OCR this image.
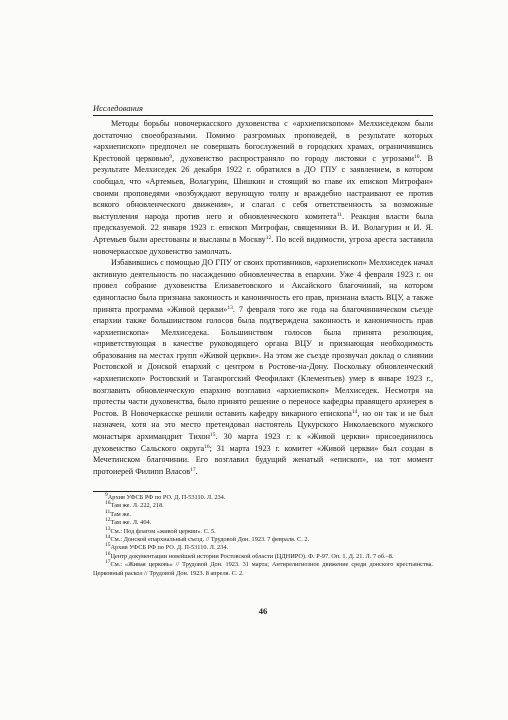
Исследования

Методы борьбы новочеркасского духовенства с «архиепископом» Мелхиседеком были достаточно своеобразными. Помимо разгромных проповедей, в результате которых «архиепископ» предпочел не совершать богослужений в городских храмах, ограничившись Крестовой церковью$^9$, духовенство распространяло по городу листовки с угрозами$^{10}$. В результате Мелхиседек 26 декабря 1922 г. обратился в ДО ГПУ с заявлением, в котором сообщал, что «Артемьев, Волагурин, Шишкин и стоящий во главе их епископ Митрофан» своими проповедями «возбуждают верующую толпу и враждебно настраивают ее против всякого обновленческого движения», и слагал с себя ответственность за возможные выступления народа против него и обновленческого комитета$^{11}$. Реакция власти была предсказуемой. 22 января 1923 г. епископ Митрофан, священники В. И. Волагурин и И. Я. Артемьев были арестованы и высланы в Москву$^{12}$. По всей видимости, угроза ареста заставила новочеркасское духовенство замолчать.

Избавившись с помощью ДО ГПУ от своих противников, «архиепископ» Мелхиседек начал активную деятельность по насаждению обновленчества в епархии. Уже 4 февраля 1923 г. он провел собрание духовенства Елизаветовского и Аксайского благочиний, на котором единогласно была признана законность и каноничность его прав, признана власть ВЦУ, а также принята программа «Живой церкви»$^{13}$. 7 февраля того же года на благочинническом съезде епархии также большинством голосов была подтверждена законность и каноничность прав «архиепископа» Мелхиседека. Большинством голосов была принята резолюция, «приветствующая в качестве руководящего органа ВЦУ и признающая необходимость образования на местах групп «Живой церкви». На этом же съезде прозвучал доклад о слиянии Ростовской и Донской епархий с центром в Ростове-на-Дону. Поскольку обновленческий «архиепископ» Ростовский и Таганрогский Феофилакт (Клементьев) умер в январе 1923 г., возглавить обновленческую епархию возглавил «архиепископ» Мелхиседек. Несмотря на протесты части духовенства, было принято решение о переносе кафедры правящего архиерея в Ростов. В Новочеркасске решили оставить кафедру викарного епископа$^{14}$, но он так и не был назначен, хотя на это место претендовал настоятель Цукурского Николаевского мужского монастыря архимандрит Тихон$^{15}$. 30 марта 1923 г. к «Живой церкви» присоединилось духовенство Сальского округа$^{16}$; 31 марта 1923 г. комитет «Живой церкви» был создан в Мечетинском благочинии. Его возглавил будущий женатый «епископ», на тот момент протоиерей Филипп Власов$^{17}$.

$^9$Архив УФСБ РФ по РО. Д. П-53110. Л. 234.

$^{10}$Там же. Л. 222, 218.

$^{11}$Там же.

$^{12}$Там же. Л. 404.

$^{13}$См.: Под флагом «живой церкви». С. 5.

$^{14}$См.: Донской епархиальный съезд. // Трудовой Дон. 1923. 7 февраля. С. 2.

$^{15}$Архив УФСБ РФ по РО. Д. П-53110. Л. 234.

$^{16}$Центр документации новейшей истории Ростовской области (ЦДНИРО). Ф. Р-97. Оп. 1. Д. 21. Л. 7 об.–8.

$^{17}$См.: «Живая церковь» // Трудовой Дон. 1923. 31 марта; Антирелигиозное движение среди донского крестьянства. Церковный раскол // Трудовой Дон. 1923. 8 апреля. С. 2.

46
